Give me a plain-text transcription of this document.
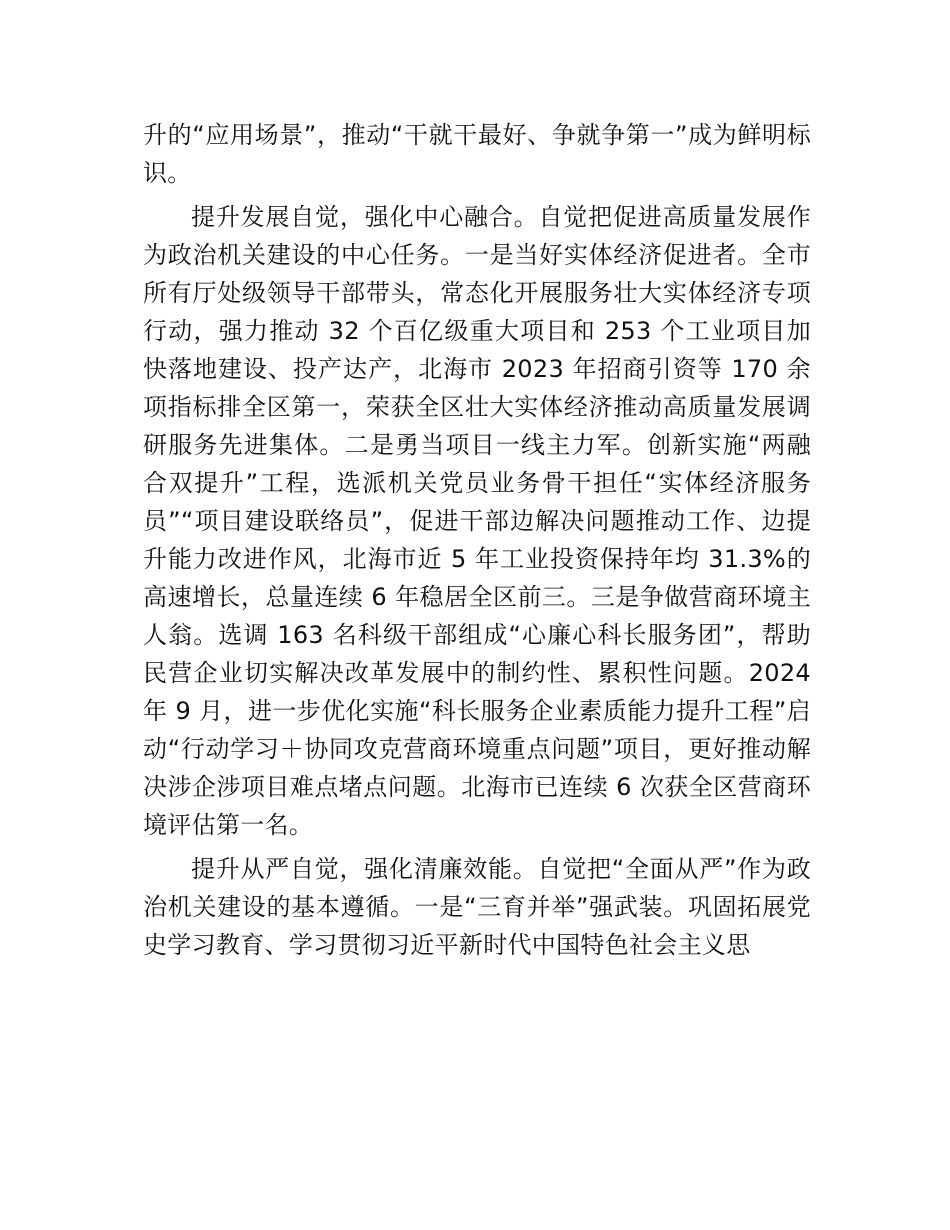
升的“应用场景”，推动“干就干最好、争就争第一”成为鲜明标识。

提升发展自觉，强化中心融合。自觉把促进高质量发展作为政治机关建设的中心任务。一是当好实体经济促进者。全市所有厅处级领导干部带头，常态化开展服务壮大实体经济专项行动，强力推动 32 个百亿级重大项目和 253 个工业项目加快落地建设、投产达产，北海市 2023 年招商引资等 170 余项指标排全区第一，荣获全区壮大实体经济推动高质量发展调研服务先进集体。二是勇当项目一线主力军。创新实施“两融合双提升”工程，选派机关党员业务骨干担任“实体经济服务员”“项目建设联络员”，促进干部边解决问题推动工作、边提升能力改进作风，北海市近 5 年工业投资保持年均 31.3%的高速增长，总量连续 6 年稳居全区前三。三是争做营商环境主人翁。选调 163 名科级干部组成“心廉心科长服务团”，帮助民营企业切实解决改革发展中的制约性、累积性问题。2024 年 9 月，进一步优化实施“科长服务企业素质能力提升工程”启动“行动学习＋协同攻克营商环境重点问题”项目，更好推动解决涉企涉项目难点堵点问题。北海市已连续 6 次获全区营商环境评估第一名。

提升从严自觉，强化清廉效能。自觉把“全面从严”作为政治机关建设的基本遵循。一是“三育并举”强武装。巩固拓展党史学习教育、学习贯彻习近平新时代中国特色社会主义思
